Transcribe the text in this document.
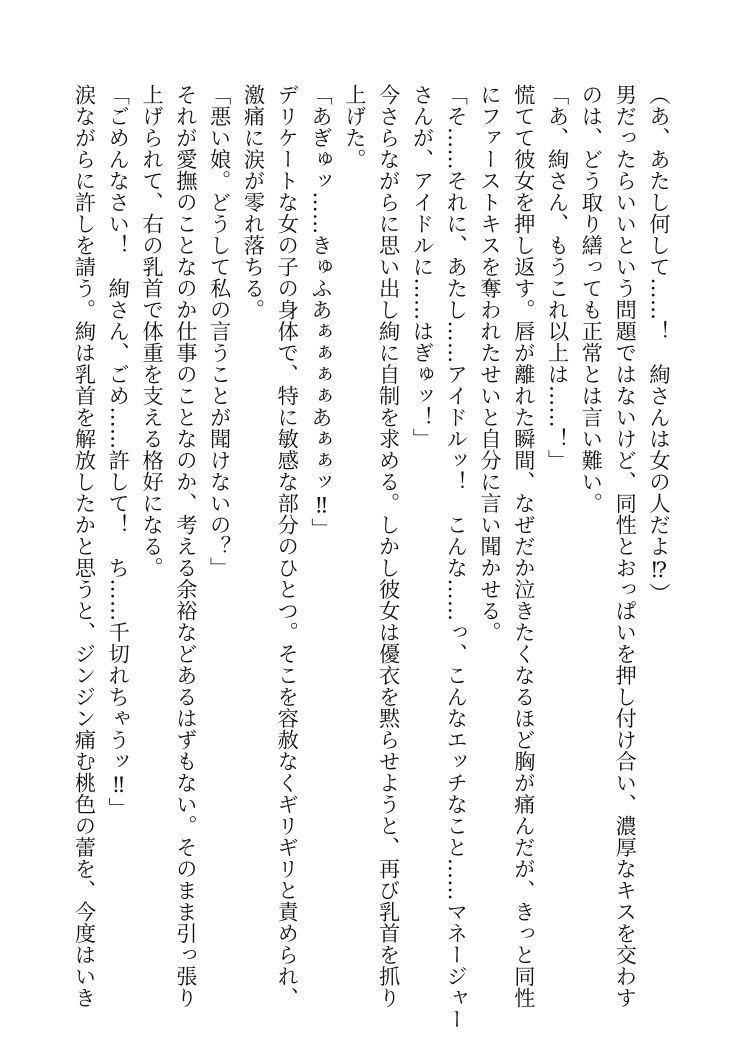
（あ、あたし何して……！　絢さんは女の人だよ⁉）
男だったらいいという問題ではないけど、同性とおっぱいを押し付け合い、濃厚なキスを交わす
のは、どう取り繕っても正常とは言い難い。
「あ、絢さん、もうこれ以上は……！」
慌てて彼女を押し返す。唇が離れた瞬間、なぜだか泣きたくなるほど胸が痛んだが、きっと同性
にファーストキスを奪われたせいと自分に言い聞かせる。
「そ……それに、あたし……アイドルッ！　こんな……っ、こんなエッチなこと……マネージャー
さんが、アイドルに……はぎゅッ！」
今さらながらに思い出し絢に自制を求める。しかし彼女は優衣を黙らせようと、再び乳首を抓り
上げた。
「あぎゅッ……きゅふあぁぁぁぁあぁぁッ‼」
デリケートな女の子の身体で、特に敏感な部分のひとつ。そこを容赦なくギリギリと責められ、
激痛に涙が零れ落ちる。
「悪い娘。どうして私の言うことが聞けないの？」
それが愛撫のことなのか仕事のことなのか、考える余裕などあるはずもない。そのまま引っ張り
上げられて、右の乳首で体重を支える格好になる。
「ごめんなさい！　絢さん、ごめ……許して！　ち……千切れちゃうッ‼」
涙ながらに許しを請う。絢は乳首を解放したかと思うと、ジンジン痛む桃色の蕾を、今度はいき
